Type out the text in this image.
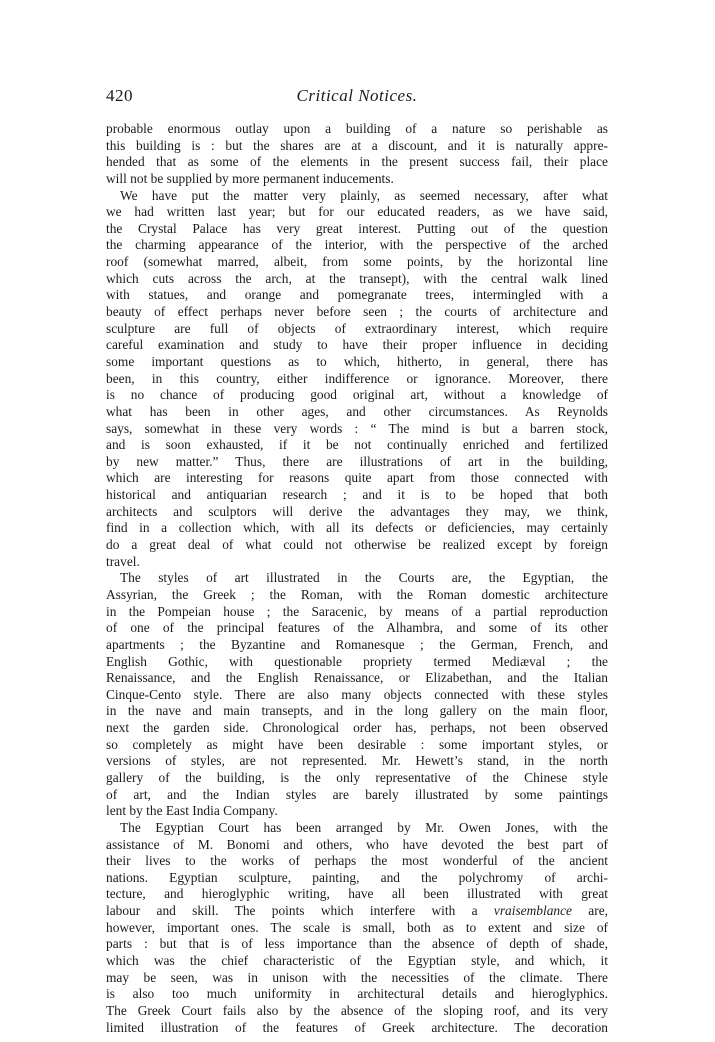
420	Critical Notices.
probable enormous outlay upon a building of a nature so perishable as
this building is : but the shares are at a discount, and it is naturally appre-
hended that as some of the elements in the present success fail, their place
will not be supplied by more permanent inducements.
We have put the matter very plainly, as seemed necessary, after what
we had written last year; but for our educated readers, as we have said,
the Crystal Palace has very great interest. Putting out of the question
the charming appearance of the interior, with the perspective of the arched
roof (somewhat marred, albeit, from some points, by the horizontal line
which cuts across the arch, at the transept), with the central walk lined
with statues, and orange and pomegranate trees, intermingled with a
beauty of effect perhaps never before seen ; the courts of architecture and
sculpture are full of objects of extraordinary interest, which require
careful examination and study to have their proper influence in deciding
some important questions as to which, hitherto, in general, there has
been, in this country, either indifference or ignorance. Moreover, there
is no chance of producing good original art, without a knowledge of
what has been in other ages, and other circumstances. As Reynolds
says, somewhat in these very words : “ The mind is but a barren stock,
and is soon exhausted, if it be not continually enriched and fertilized
by new matter.” Thus, there are illustrations of art in the building,
which are interesting for reasons quite apart from those connected with
historical and antiquarian research ; and it is to be hoped that both
architects and sculptors will derive the advantages they may, we think,
find in a collection which, with all its defects or deficiencies, may certainly
do a great deal of what could not otherwise be realized except by foreign
travel.
The styles of art illustrated in the Courts are, the Egyptian, the
Assyrian, the Greek ; the Roman, with the Roman domestic architecture
in the Pompeian house ; the Saracenic, by means of a partial reproduction
of one of the principal features of the Alhambra, and some of its other
apartments ; the Byzantine and Romanesque ; the German, French, and
English Gothic, with questionable propriety termed Mediæval ; the
Renaissance, and the English Renaissance, or Elizabethan, and the Italian
Cinque-Cento style. There are also many objects connected with these styles
in the nave and main transepts, and in the long gallery on the main floor,
next the garden side. Chronological order has, perhaps, not been observed
so completely as might have been desirable : some important styles, or
versions of styles, are not represented. Mr. Hewett’s stand, in the north
gallery of the building, is the only representative of the Chinese style
of art, and the Indian styles are barely illustrated by some paintings
lent by the East India Company.
The Egyptian Court has been arranged by Mr. Owen Jones, with the
assistance of M. Bonomi and others, who have devoted the best part of
their lives to the works of perhaps the most wonderful of the ancient
nations. Egyptian sculpture, painting, and the polychromy of archi-
tecture, and hieroglyphic writing, have all been illustrated with great
labour and skill. The points which interfere with a vraisemblance are,
however, important ones. The scale is small, both as to extent and size of
parts : but that is of less importance than the absence of depth of shade,
which was the chief characteristic of the Egyptian style, and which, it
may be seen, was in unison with the necessities of the climate. There
is also too much uniformity in architectural details and hieroglyphics.
The Greek Court fails also by the absence of the sloping roof, and its very
limited illustration of the features of Greek architecture. The decoration
